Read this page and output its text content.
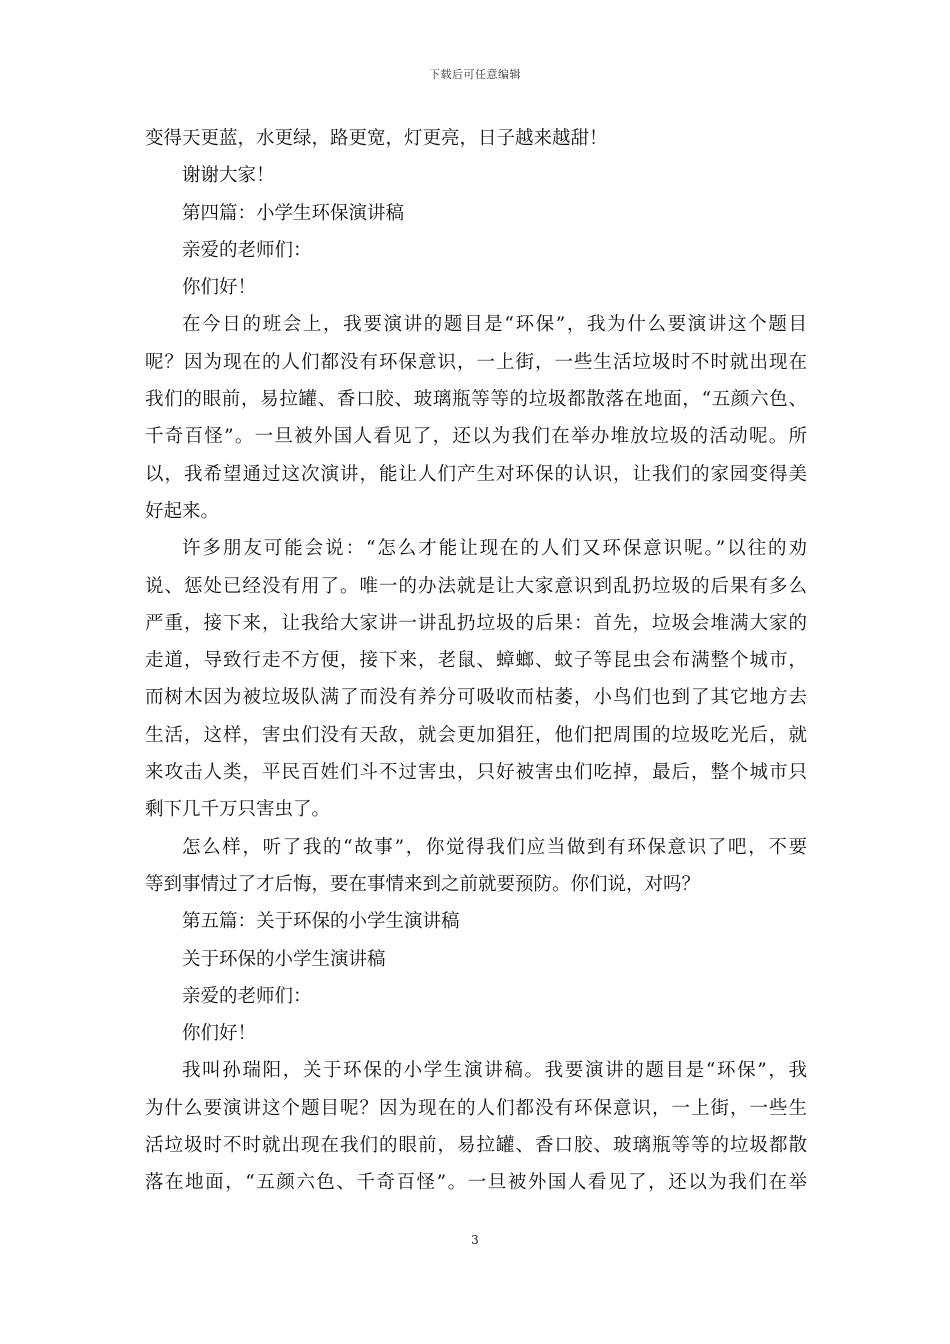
下载后可任意编辑
变得天更蓝，水更绿，路更宽，灯更亮，日子越来越甜！
谢谢大家！
第四篇：小学生环保演讲稿
亲爱的老师们：
你们好！
在今日的班会上，我要演讲的题目是“环保”，我为什么要演讲这个题目
呢？因为现在的人们都没有环保意识，一上街，一些生活垃圾时不时就出现在
我们的眼前，易拉罐、香口胶、玻璃瓶等等的垃圾都散落在地面，“五颜六色、
千奇百怪”。一旦被外国人看见了，还以为我们在举办堆放垃圾的活动呢。所
以，我希望通过这次演讲，能让人们产生对环保的认识，让我们的家园变得美
好起来。
许多朋友可能会说：“怎么才能让现在的人们又环保意识呢。”以往的劝
说、惩处已经没有用了。唯一的办法就是让大家意识到乱扔垃圾的后果有多么
严重，接下来，让我给大家讲一讲乱扔垃圾的后果：首先，垃圾会堆满大家的
走道，导致行走不方便，接下来，老鼠、蟑螂、蚊子等昆虫会布满整个城市，
而树木因为被垃圾队满了而没有养分可吸收而枯萎，小鸟们也到了其它地方去
生活，这样，害虫们没有天敌，就会更加猖狂，他们把周围的垃圾吃光后，就
来攻击人类，平民百姓们斗不过害虫，只好被害虫们吃掉，最后，整个城市只
剩下几千万只害虫了。
怎么样，听了我的“故事”，你觉得我们应当做到有环保意识了吧，不要
等到事情过了才后悔，要在事情来到之前就要预防。你们说，对吗？
第五篇：关于环保的小学生演讲稿
关于环保的小学生演讲稿
亲爱的老师们：
你们好！
我叫孙瑞阳，关于环保的小学生演讲稿。我要演讲的题目是“环保”，我
为什么要演讲这个题目呢？因为现在的人们都没有环保意识，一上街，一些生
活垃圾时不时就出现在我们的眼前，易拉罐、香口胶、玻璃瓶等等的垃圾都散
落在地面，“五颜六色、千奇百怪”。一旦被外国人看见了，还以为我们在举
3
